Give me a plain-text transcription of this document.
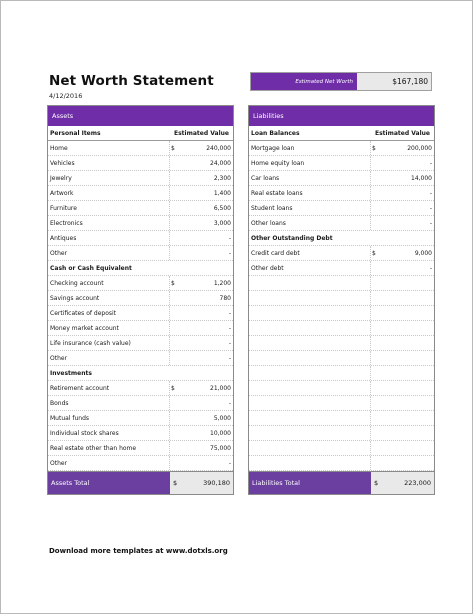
Net Worth Statement
4/12/2016
Estimated Net Worth	$167,180
Assets
Personal Items	Estimated Value
Home	$	240,000
Vehicles	24,000
Jewelry	2,300
Artwork	1,400
Furniture	6,500
Electronics	3,000
Antiques	-
Other	-
Cash or Cash Equivalent
Checking account	$	1,200
Savings account	780
Certificates of deposit	-
Money market account	-
Life insurance (cash value)	-
Other	-
Investments
Retirement account	$	21,000
Bonds	-
Mutual funds	5,000
Individual stock shares	10,000
Real estate other than home	75,000
Other	-
Assets Total	$	390,180
Liabilities
Loan Balances	Estimated Value
Mortgage loan	$	200,000
Home equity loan	-
Car loans	14,000
Real estate loans	-
Student loans	-
Other loans	-
Other Outstanding Debt
Credit card debt	$	9,000
Other debt	-
Liabilities Total	$	223,000
Download more templates at www.dotxls.org
